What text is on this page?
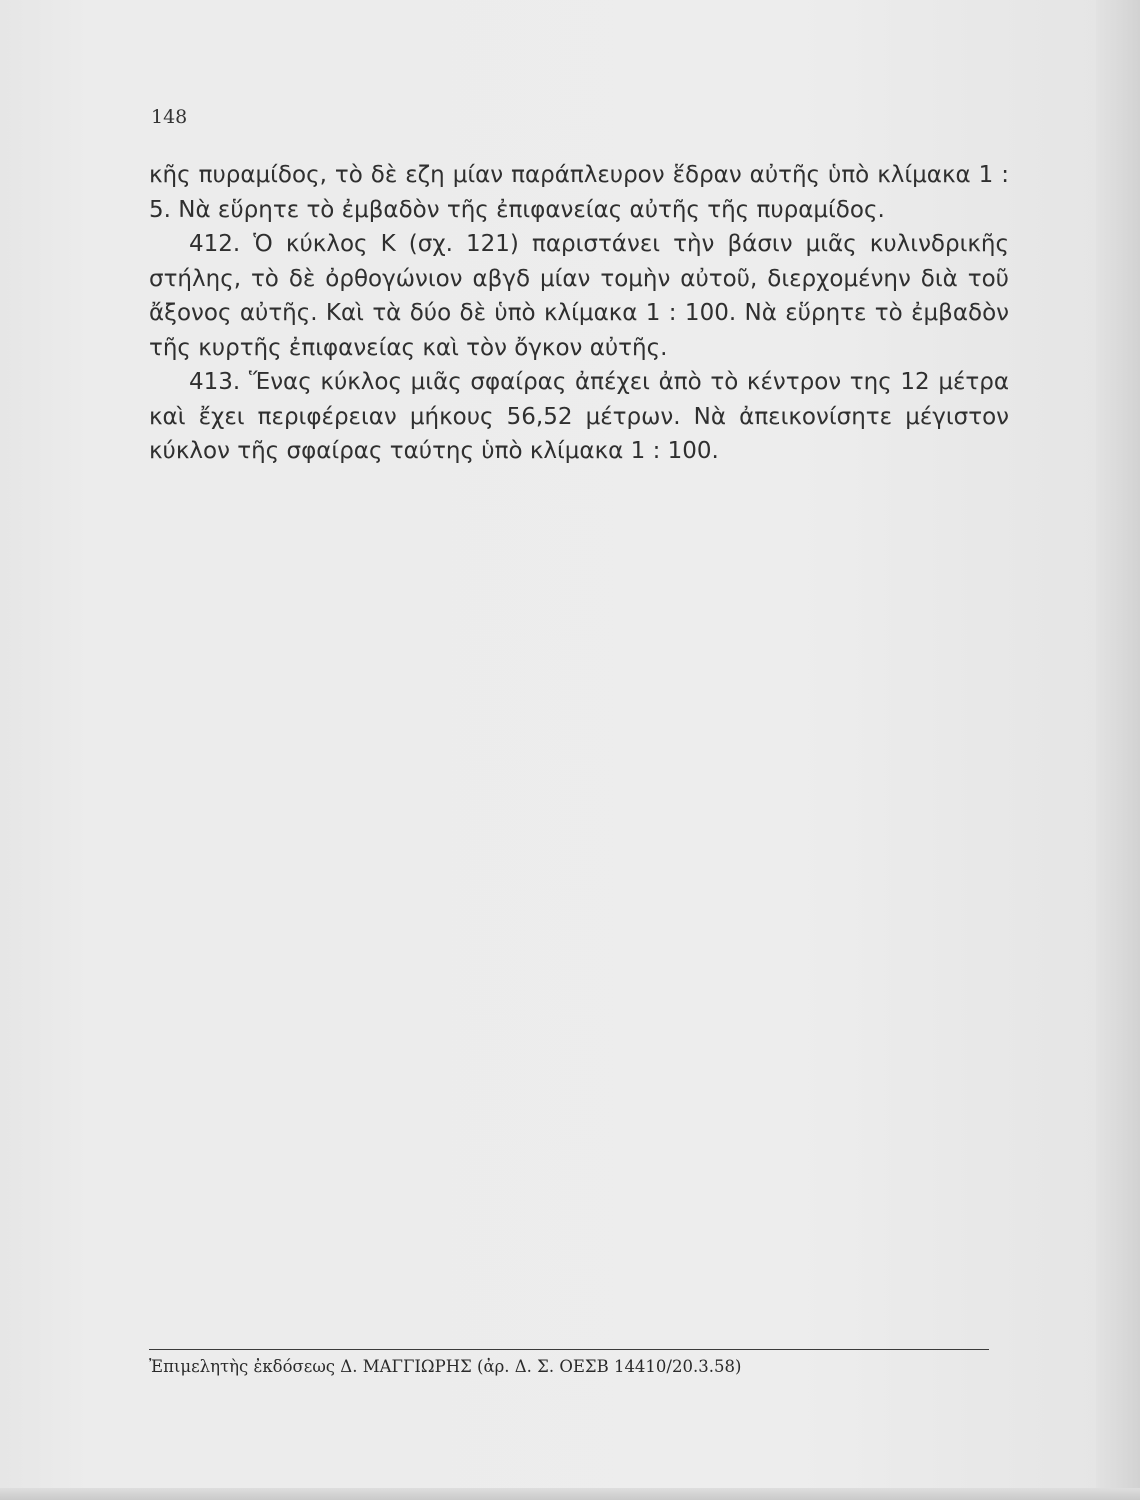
148

κῆς πυραμίδος, τὸ δὲ εζη μίαν παράπλευρον ἕδραν αὐτῆς ὑπὸ κλίμακα 1 : 5. Νὰ εὕρητε τὸ ἐμβαδὸν τῆς ἐπιφανείας αὐτῆς τῆς πυραμίδος.

412. Ὁ κύκλος Κ (σχ. 121) παριστάνει τὴν βάσιν μιᾶς κυλινδρικῆς στήλης, τὸ δὲ ὀρθογώνιον αβγδ μίαν τομὴν αὐτοῦ, διερχομένην διὰ τοῦ ἄξονος αὐτῆς. Καὶ τὰ δύο δὲ ὑπὸ κλίμακα 1 : 100. Νὰ εὕρητε τὸ ἐμβαδὸν τῆς κυρτῆς ἐπιφανείας καὶ τὸν ὄγκον αὐτῆς.

413. Ἕνας κύκλος μιᾶς σφαίρας ἀπέχει ἀπὸ τὸ κέντρον της 12 μέτρα καὶ ἔχει περιφέρειαν μήκους 56,52 μέτρων. Νὰ ἀπεικονίσητε μέγιστον κύκλον τῆς σφαίρας ταύτης ὑπὸ κλίμακα 1 : 100.

Ἐπιμελητὴς ἐκδόσεως Δ. ΜΑΓΓΙΩΡΗΣ (ἀρ. Δ. Σ. ΟΕΣΒ 14410/20.3.58)
